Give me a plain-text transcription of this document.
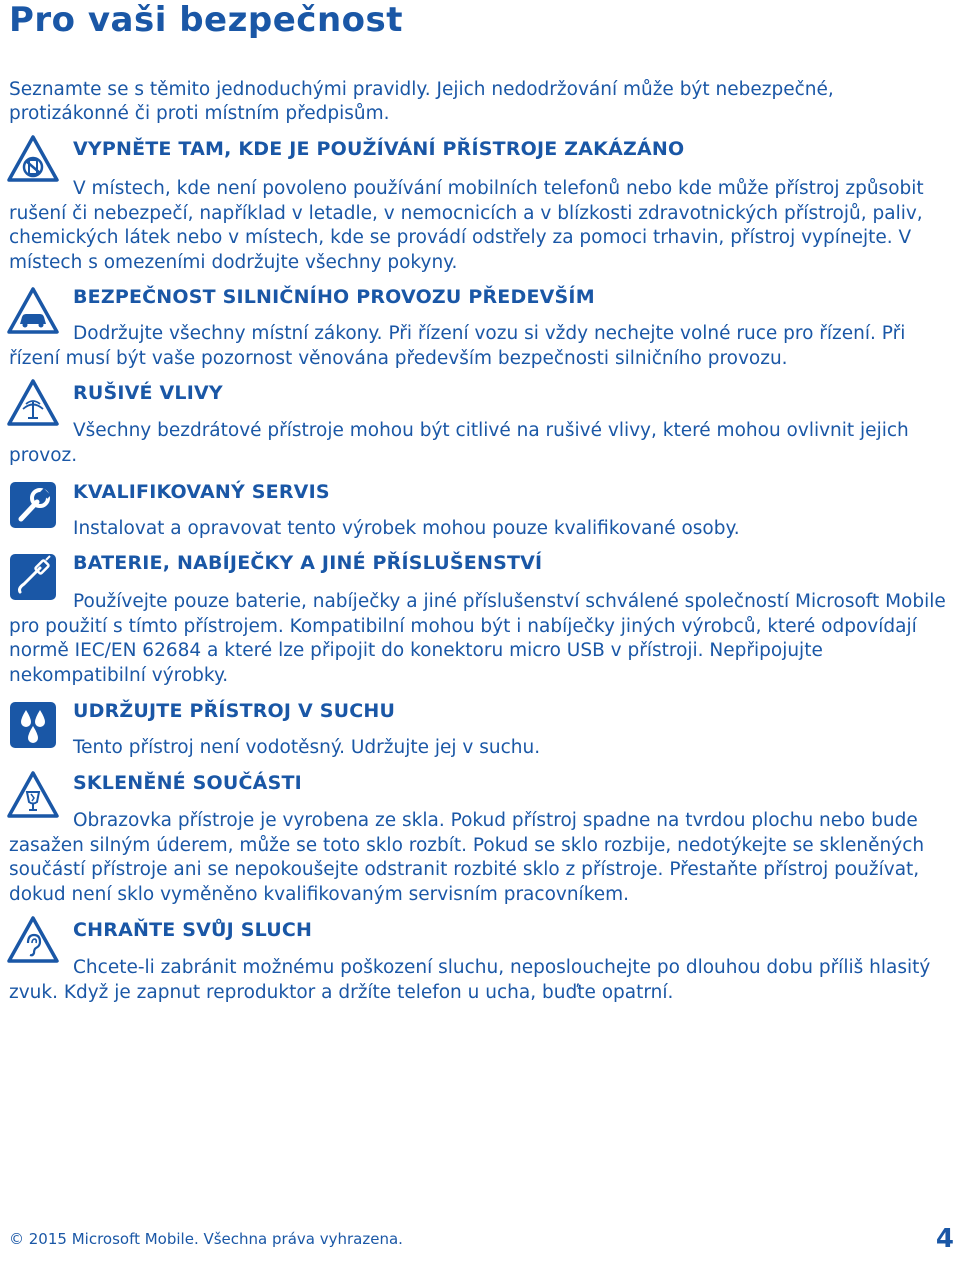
Pro vaši bezpečnost
Seznamte se s těmito jednoduchými pravidly. Jejich nedodržování může být nebezpečné, protizákonné či proti místním předpisům.
VYPNĚTE TAM, KDE JE POUŽÍVÁNÍ PŘÍSTROJE ZAKÁZÁNO
V místech, kde není povoleno používání mobilních telefonů nebo kde může přístroj způsobit rušení či nebezpečí, například v letadle, v nemocnicích a v blízkosti zdravotnických přístrojů, paliv, chemických látek nebo v místech, kde se provádí odstřely za pomoci trhavin, přístroj vypínejte. V místech s omezeními dodržujte všechny pokyny.
BEZPEČNOST SILNIČNÍHO PROVOZU PŘEDEVŠÍM
Dodržujte všechny místní zákony. Při řízení vozu si vždy nechejte volné ruce pro řízení. Při řízení musí být vaše pozornost věnována především bezpečnosti silničního provozu.
RUŠIVÉ VLIVY
Všechny bezdrátové přístroje mohou být citlivé na rušivé vlivy, které mohou ovlivnit jejich provoz.
KVALIFIKOVANÝ SERVIS
Instalovat a opravovat tento výrobek mohou pouze kvalifikované osoby.
BATERIE, NABÍJEČKY A JINÉ PŘÍSLUŠENSTVÍ
Používejte pouze baterie, nabíječky a jiné příslušenství schválené společností Microsoft Mobile pro použití s tímto přístrojem. Kompatibilní mohou být i nabíječky jiných výrobců, které odpovídají normě IEC/EN 62684 a které lze připojit do konektoru micro USB v přístroji. Nepřipojujte nekompatibilní výrobky.
UDRŽUJTE PŘÍSTROJ V SUCHU
Tento přístroj není vodotěsný. Udržujte jej v suchu.
SKLENĚNÉ SOUČÁSTI
Obrazovka přístroje je vyrobena ze skla. Pokud přístroj spadne na tvrdou plochu nebo bude zasažen silným úderem, může se toto sklo rozbít. Pokud se sklo rozbije, nedotýkejte se skleněných součástí přístroje ani se nepokoušejte odstranit rozbité sklo z přístroje. Přestaňte přístroj používat, dokud není sklo vyměněno kvalifikovaným servisním pracovníkem.
CHRAŇTE SVŮJ SLUCH
Chcete-li zabránit možnému poškození sluchu, neposlouchejte po dlouhou dobu příliš hlasitý zvuk. Když je zapnut reproduktor a držíte telefon u ucha, buďte opatrní.
© 2015 Microsoft Mobile. Všechna práva vyhrazena.	4
